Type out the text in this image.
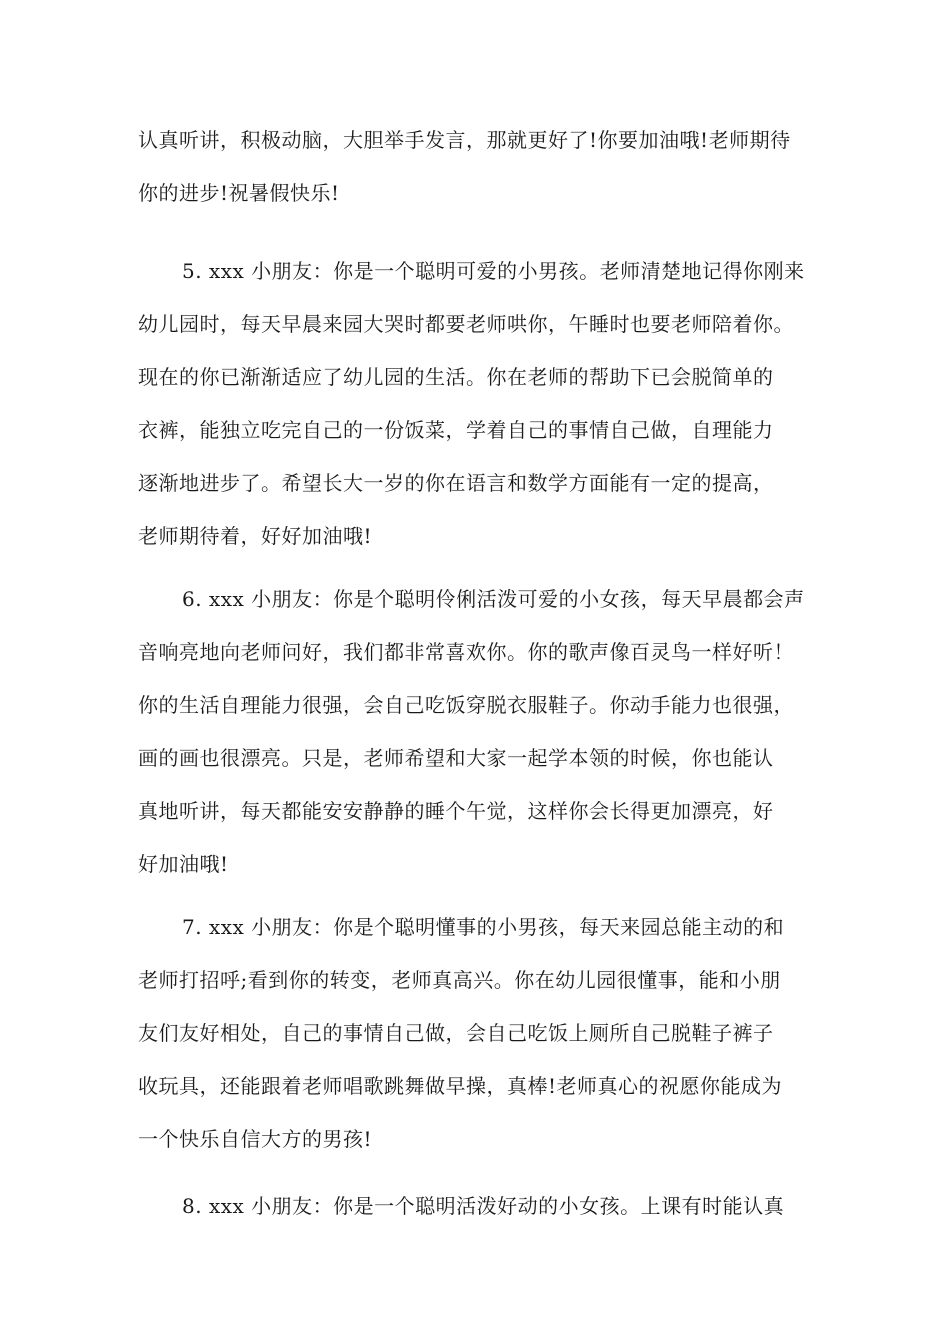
认真听讲，积极动脑，大胆举手发言，那就更好了!你要加油哦!老师期待
你的进步!祝暑假快乐!
5. xxx 小朋友：你是一个聪明可爱的小男孩。老师清楚地记得你刚来
幼儿园时，每天早晨来园大哭时都要老师哄你，午睡时也要老师陪着你。
现在的你已渐渐适应了幼儿园的生活。你在老师的帮助下已会脱简单的
衣裤，能独立吃完自己的一份饭菜，学着自己的事情自己做，自理能力
逐渐地进步了。希望长大一岁的你在语言和数学方面能有一定的提高，
老师期待着，好好加油哦!
6. xxx 小朋友：你是个聪明伶俐活泼可爱的小女孩，每天早晨都会声
音响亮地向老师问好，我们都非常喜欢你。你的歌声像百灵鸟一样好听！
你的生活自理能力很强，会自己吃饭穿脱衣服鞋子。你动手能力也很强，
画的画也很漂亮。只是，老师希望和大家一起学本领的时候，你也能认
真地听讲，每天都能安安静静的睡个午觉，这样你会长得更加漂亮，好
好加油哦!
7. xxx 小朋友：你是个聪明懂事的小男孩，每天来园总能主动的和
老师打招呼;看到你的转变，老师真高兴。你在幼儿园很懂事，能和小朋
友们友好相处，自己的事情自己做，会自己吃饭上厕所自己脱鞋子裤子
收玩具，还能跟着老师唱歌跳舞做早操，真棒!老师真心的祝愿你能成为
一个快乐自信大方的男孩!
8. xxx 小朋友：你是一个聪明活泼好动的小女孩。上课有时能认真
